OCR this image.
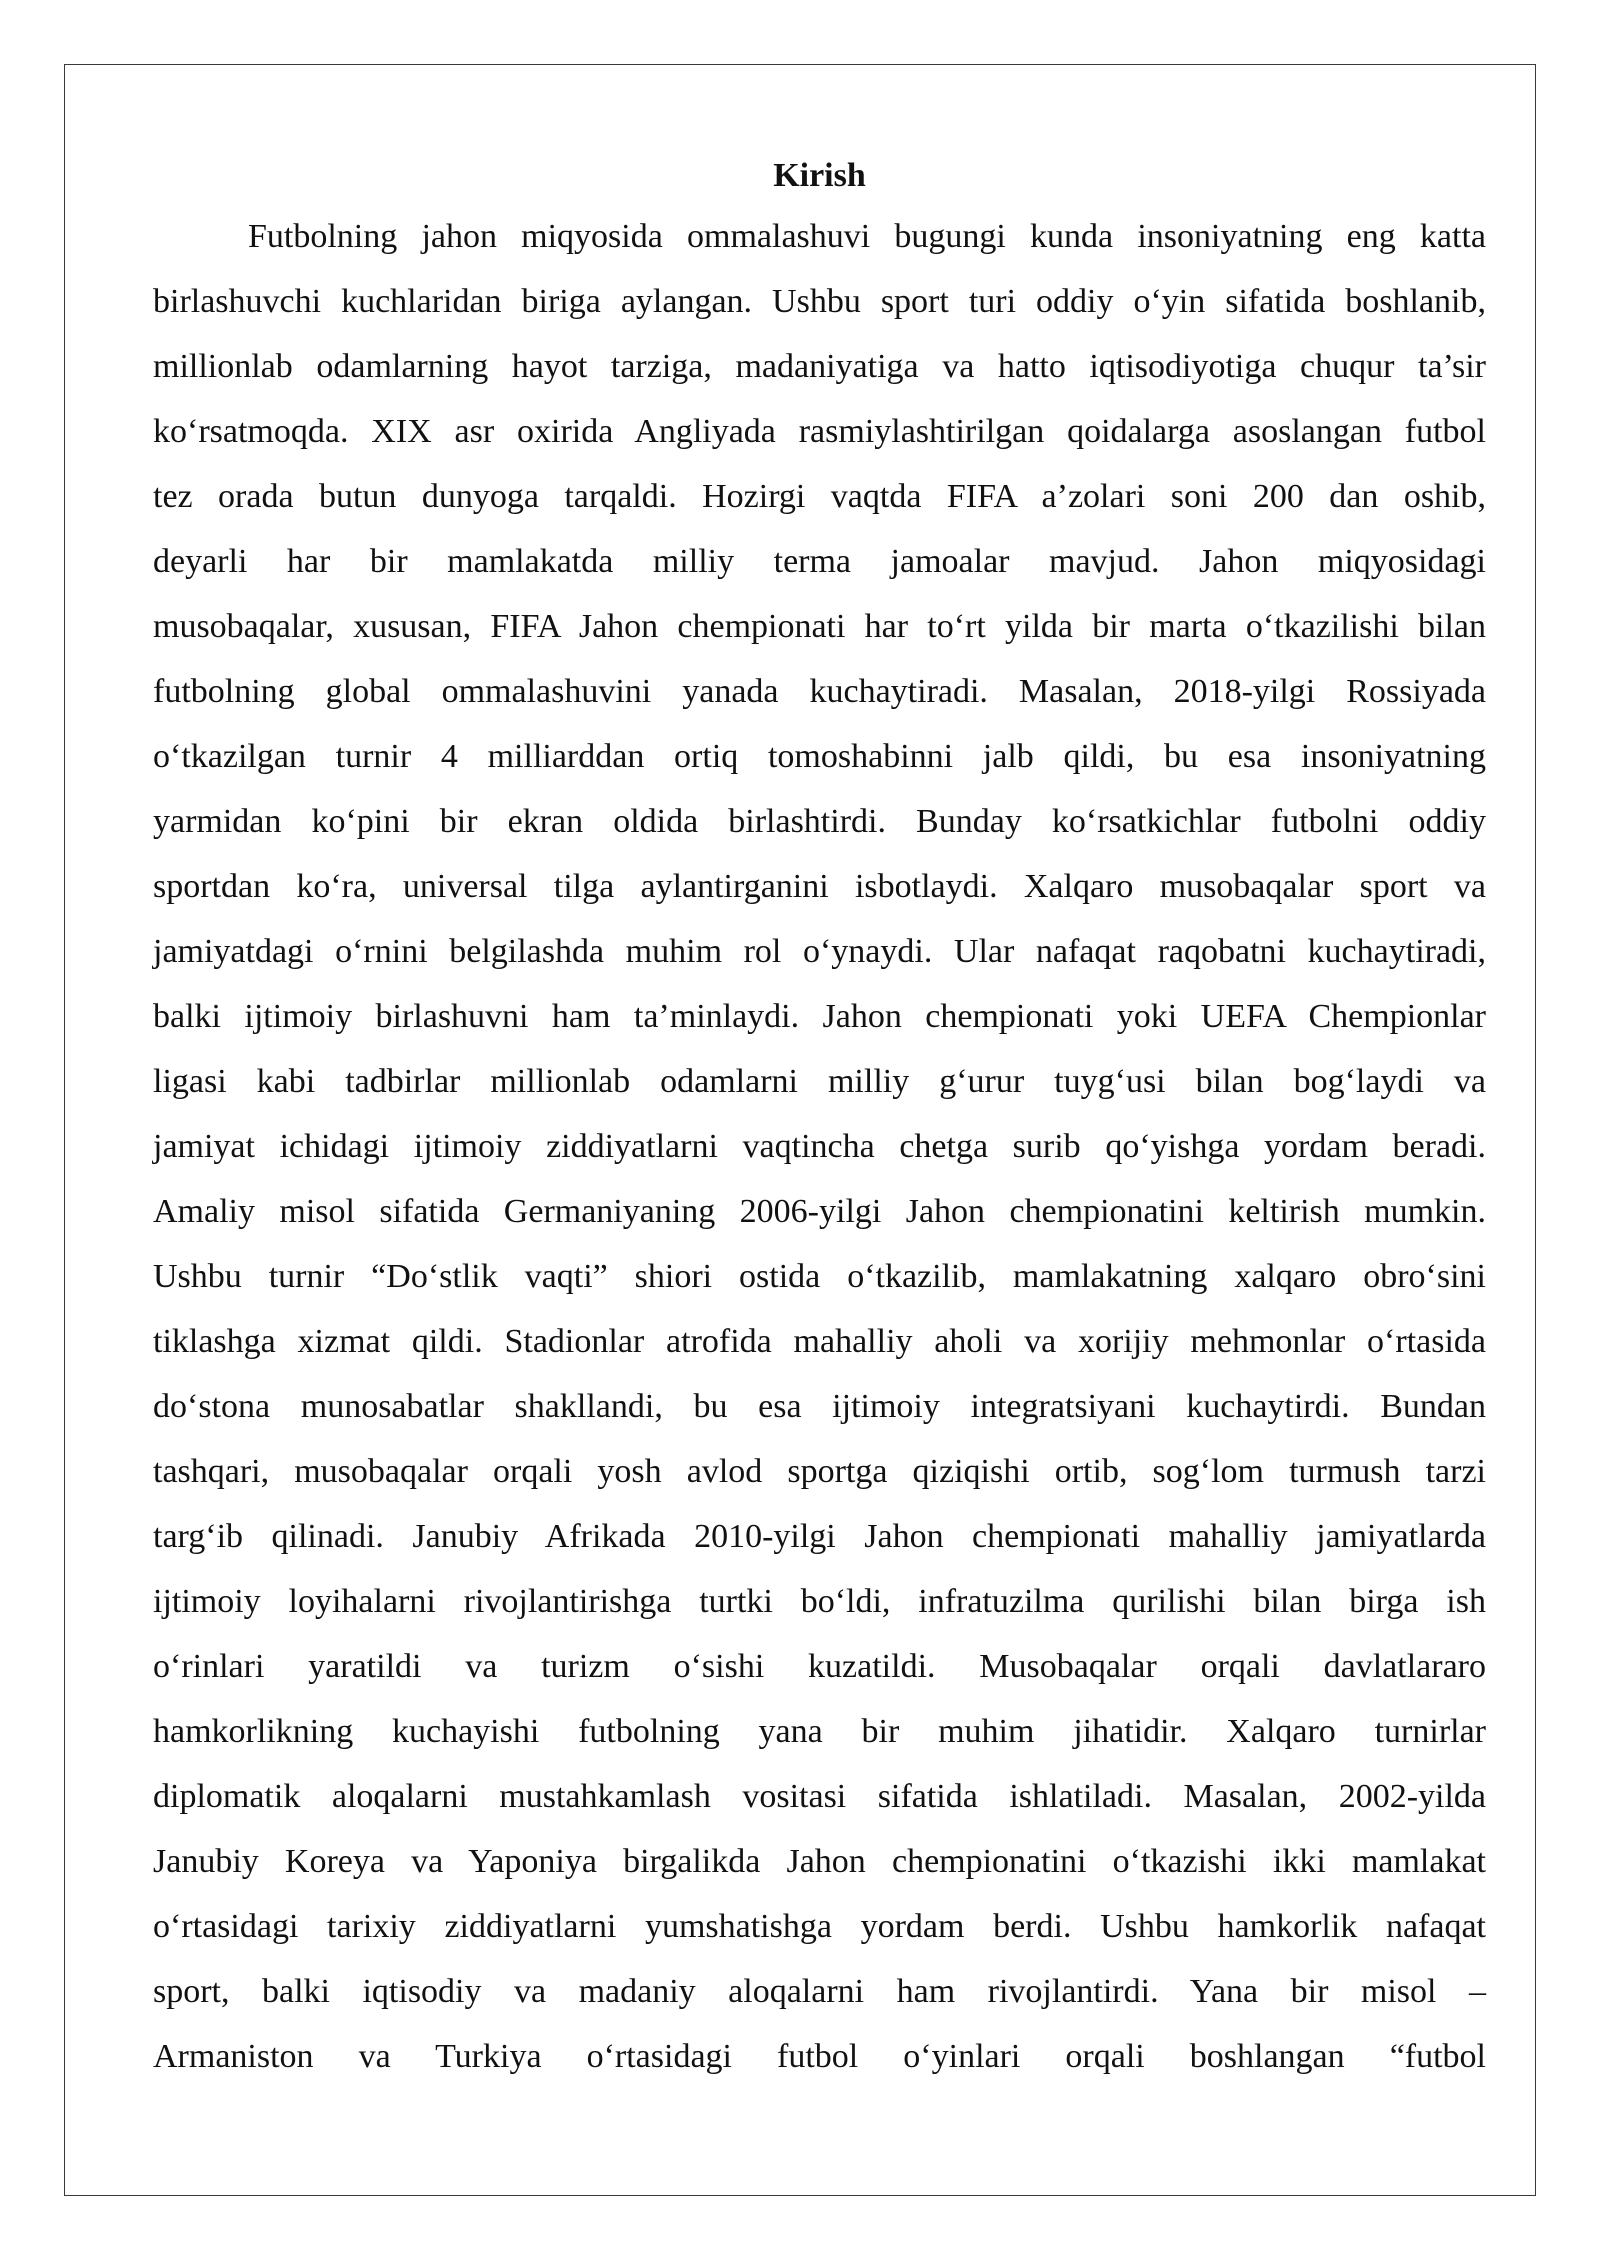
Kirish
Futbolning jahon miqyosida ommalashuvi bugungi kunda insoniyatning eng katta
birlashuvchi kuchlaridan biriga aylangan. Ushbu sport turi oddiy o‘yin sifatida boshlanib,
millionlab odamlarning hayot tarziga, madaniyatiga va hatto iqtisodiyotiga chuqur ta’sir
ko‘rsatmoqda. XIX asr oxirida Angliyada rasmiylashtirilgan qoidalarga asoslangan futbol
tez orada butun dunyoga tarqaldi. Hozirgi vaqtda FIFA a’zolari soni 200 dan oshib,
deyarli har bir mamlakatda milliy terma jamoalar mavjud. Jahon miqyosidagi
musobaqalar, xususan, FIFA Jahon chempionati har to‘rt yilda bir marta o‘tkazilishi bilan
futbolning global ommalashuvini yanada kuchaytiradi. Masalan, 2018-yilgi Rossiyada
o‘tkazilgan turnir 4 milliarddan ortiq tomoshabinni jalb qildi, bu esa insoniyatning
yarmidan ko‘pini bir ekran oldida birlashtirdi. Bunday ko‘rsatkichlar futbolni oddiy
sportdan ko‘ra, universal tilga aylantirganini isbotlaydi. Xalqaro musobaqalar sport va
jamiyatdagi o‘rnini belgilashda muhim rol o‘ynaydi. Ular nafaqat raqobatni kuchaytiradi,
balki ijtimoiy birlashuvni ham ta’minlaydi. Jahon chempionati yoki UEFA Chempionlar
ligasi kabi tadbirlar millionlab odamlarni milliy g‘urur tuyg‘usi bilan bog‘laydi va
jamiyat ichidagi ijtimoiy ziddiyatlarni vaqtincha chetga surib qo‘yishga yordam beradi.
Amaliy misol sifatida Germaniyaning 2006-yilgi Jahon chempionatini keltirish mumkin.
Ushbu turnir “Do‘stlik vaqti” shiori ostida o‘tkazilib, mamlakatning xalqaro obro‘sini
tiklashga xizmat qildi. Stadionlar atrofida mahalliy aholi va xorijiy mehmonlar o‘rtasida
do‘stona munosabatlar shakllandi, bu esa ijtimoiy integratsiyani kuchaytirdi. Bundan
tashqari, musobaqalar orqali yosh avlod sportga qiziqishi ortib, sog‘lom turmush tarzi
targ‘ib qilinadi. Janubiy Afrikada 2010-yilgi Jahon chempionati mahalliy jamiyatlarda
ijtimoiy loyihalarni rivojlantirishga turtki bo‘ldi, infratuzilma qurilishi bilan birga ish
o‘rinlari yaratildi va turizm o‘sishi kuzatildi. Musobaqalar orqali davlatlararo
hamkorlikning kuchayishi futbolning yana bir muhim jihatidir. Xalqaro turnirlar
diplomatik aloqalarni mustahkamlash vositasi sifatida ishlatiladi. Masalan, 2002-yilda
Janubiy Koreya va Yaponiya birgalikda Jahon chempionatini o‘tkazishi ikki mamlakat
o‘rtasidagi tarixiy ziddiyatlarni yumshatishga yordam berdi. Ushbu hamkorlik nafaqat
sport, balki iqtisodiy va madaniy aloqalarni ham rivojlantirdi. Yana bir misol –
Armaniston va Turkiya o‘rtasidagi futbol o‘yinlari orqali boshlangan “futbol
